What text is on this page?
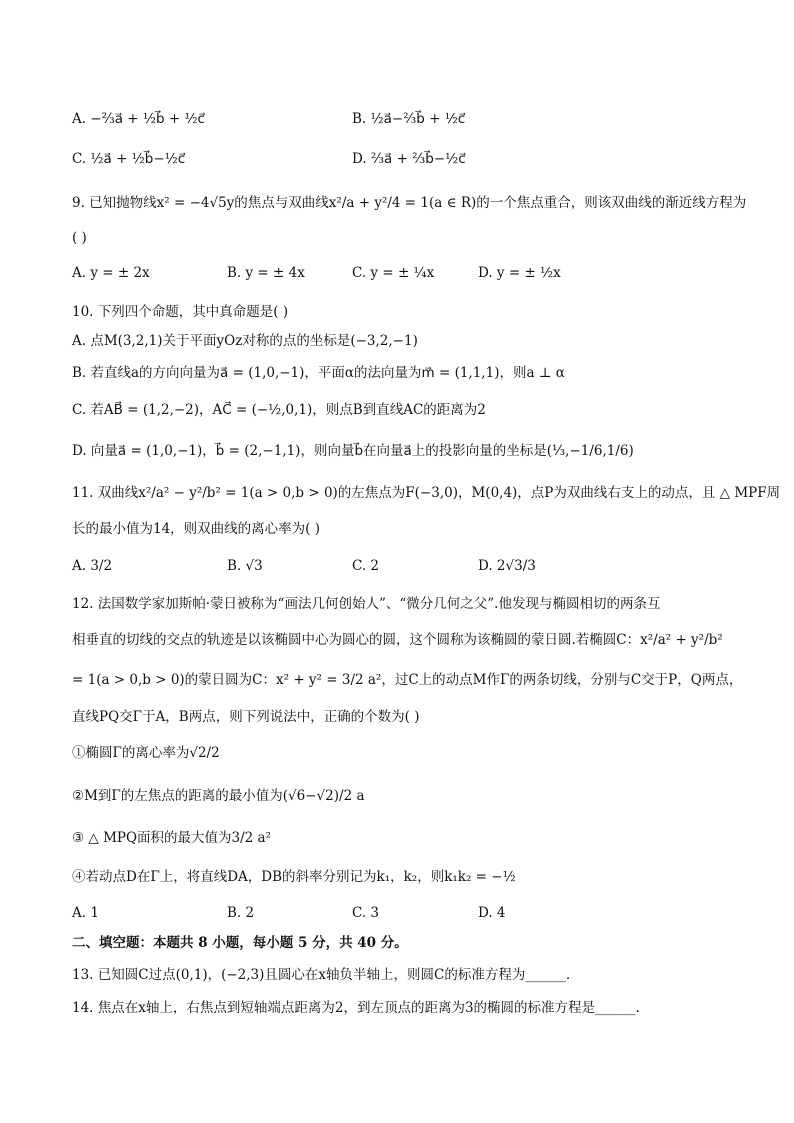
A. −⅔a⃗ + ½b⃗ + ½c⃗	B. ½a⃗−⅔b⃗ + ½c⃗
C. ½a⃗ + ½b⃗−½c⃗	D. ⅔a⃗ + ⅔b⃗−½c⃗
9. 已知抛物线x² = −4√5y的焦点与双曲线x²/a + y²/4 = 1(a ∈ R)的一个焦点重合，则该双曲线的渐近线方程为
( )
A. y = ± 2x	B. y = ± 4x	C. y = ± ¼x	D. y = ± ½x
10. 下列四个命题，其中真命题是( )
A. 点M(3,2,1)关于平面yOz对称的点的坐标是(−3,2,−1)
B. 若直线a的方向向量为a⃗ = (1,0,−1)，平面α的法向量为m⃗ = (1,1,1)，则a ⊥ α
C. 若AB⃗ = (1,2,−2)，AC⃗ = (−½,0,1)，则点B到直线AC的距离为2
D. 向量a⃗ = (1,0,−1)，b⃗ = (2,−1,1)，则向量b⃗在向量a⃗上的投影向量的坐标是(⅓,−1/6,1/6)
11. 双曲线x²/a² − y²/b² = 1(a > 0,b > 0)的左焦点为F(−3,0)，M(0,4)，点P为双曲线右支上的动点，且 △ MPF周
长的最小值为14，则双曲线的离心率为( )
A. 3/2	B. √3	C. 2	D. 2√3/3
12. 法国数学家加斯帕·蒙日被称为“画法几何创始人”、“微分几何之父”.他发现与椭圆相切的两条互
相垂直的切线的交点的轨迹是以该椭圆中心为圆心的圆，这个圆称为该椭圆的蒙日圆.若椭圆C：x²/a² + y²/b²
= 1(a > 0,b > 0)的蒙日圆为C：x² + y² = 3/2 a²，过C上的动点M作Γ的两条切线，分别与C交于P，Q两点，
直线PQ交Γ于A，B两点，则下列说法中，正确的个数为( )
①椭圆Γ的离心率为√2/2
②M到Γ的左焦点的距离的最小值为(√6−√2)/2 a
③ △ MPQ面积的最大值为3/2 a²
④若动点D在Γ上，将直线DA，DB的斜率分别记为k₁，k₂，则k₁k₂ = −½
A. 1	B. 2	C. 3	D. 4
二、填空题：本题共 8 小题，每小题 5 分，共 40 分。
13. 已知圆C过点(0,1)，(−2,3)且圆心在x轴负半轴上，则圆C的标准方程为______.
14. 焦点在x轴上，右焦点到短轴端点距离为2，到左顶点的距离为3的椭圆的标准方程是______.
